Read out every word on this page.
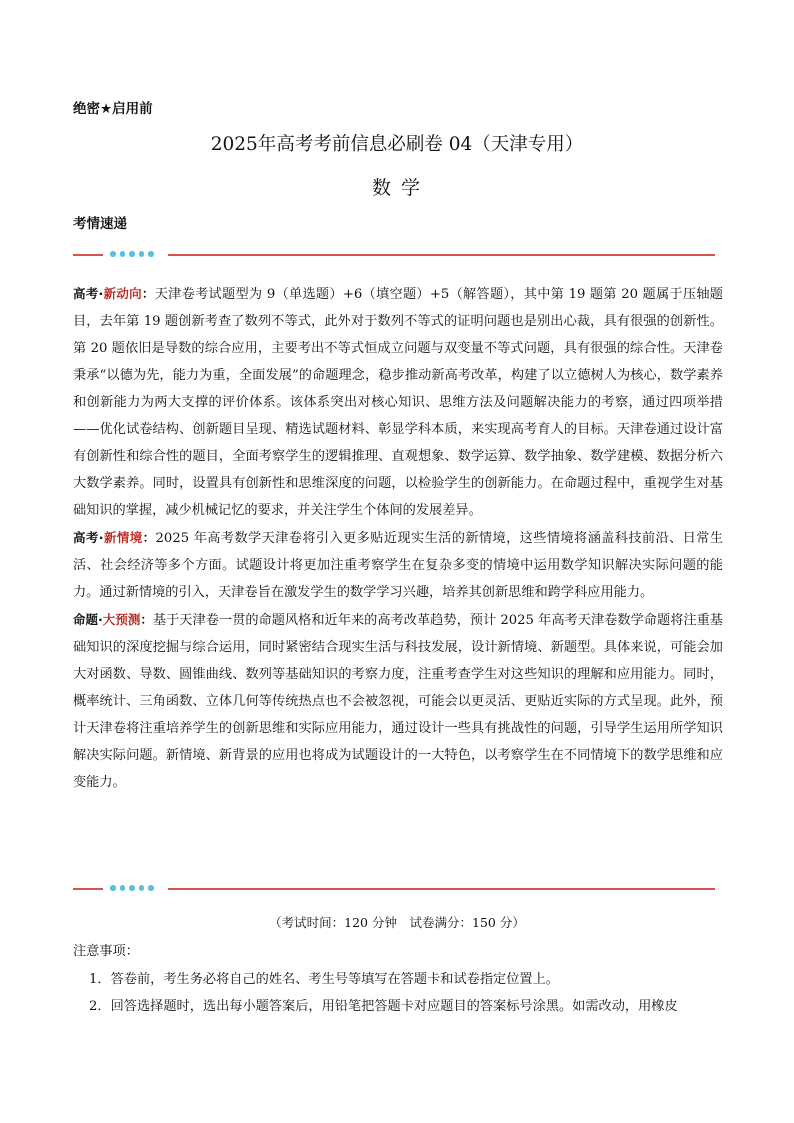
绝密★启用前
2025年高考考前信息必刷卷 04（天津专用）
数 学
考情速递

高考·新动向：天津卷考试题型为 9（单选题）+6（填空题）+5（解答题），其中第 19 题第 20 题属于压轴题目，去年第 19 题创新考查了数列不等式，此外对于数列不等式的证明问题也是别出心裁，具有很强的创新性。第 20 题依旧是导数的综合应用，主要考出不等式恒成立问题与双变量不等式问题，具有很强的综合性。天津卷秉承“以德为先，能力为重，全面发展”的命题理念，稳步推动新高考改革，构建了以立德树人为核心，数学素养和创新能力为两大支撑的评价体系。该体系突出对核心知识、思维方法及问题解决能力的考察，通过四项举措——优化试卷结构、创新题目呈现、精选试题材料、彰显学科本质，来实现高考育人的目标。天津卷通过设计富有创新性和综合性的题目，全面考察学生的逻辑推理、直观想象、数学运算、数学抽象、数学建模、数据分析六大数学素养。同时，设置具有创新性和思维深度的问题，以检验学生的创新能力。在命题过程中，重视学生对基础知识的掌握，减少机械记忆的要求，并关注学生个体间的发展差异。

高考·新情境：2025 年高考数学天津卷将引入更多贴近现实生活的新情境，这些情境将涵盖科技前沿、日常生活、社会经济等多个方面。试题设计将更加注重考察学生在复杂多变的情境中运用数学知识解决实际问题的能力。通过新情境的引入，天津卷旨在激发学生的数学学习兴趣，培养其创新思维和跨学科应用能力。

命题·大预测：基于天津卷一贯的命题风格和近年来的高考改革趋势，预计 2025 年高考天津卷数学命题将注重基础知识的深度挖掘与综合运用，同时紧密结合现实生活与科技发展，设计新情境、新题型。具体来说，可能会加大对函数、导数、圆锥曲线、数列等基础知识的考察力度，注重考查学生对这些知识的理解和应用能力。同时，概率统计、三角函数、立体几何等传统热点也不会被忽视，可能会以更灵活、更贴近实际的方式呈现。此外，预计天津卷将注重培养学生的创新思维和实际应用能力，通过设计一些具有挑战性的问题，引导学生运用所学知识解决实际问题。新情境、新背景的应用也将成为试题设计的一大特色，以考察学生在不同情境下的数学思维和应变能力。

（考试时间：120 分钟　试卷满分：150 分）
注意事项：

1．答卷前，考生务必将自己的姓名、考生号等填写在答题卡和试卷指定位置上。

2．回答选择题时，选出每小题答案后，用铅笔把答题卡对应题目的答案标号涂黑。如需改动，用橡皮
